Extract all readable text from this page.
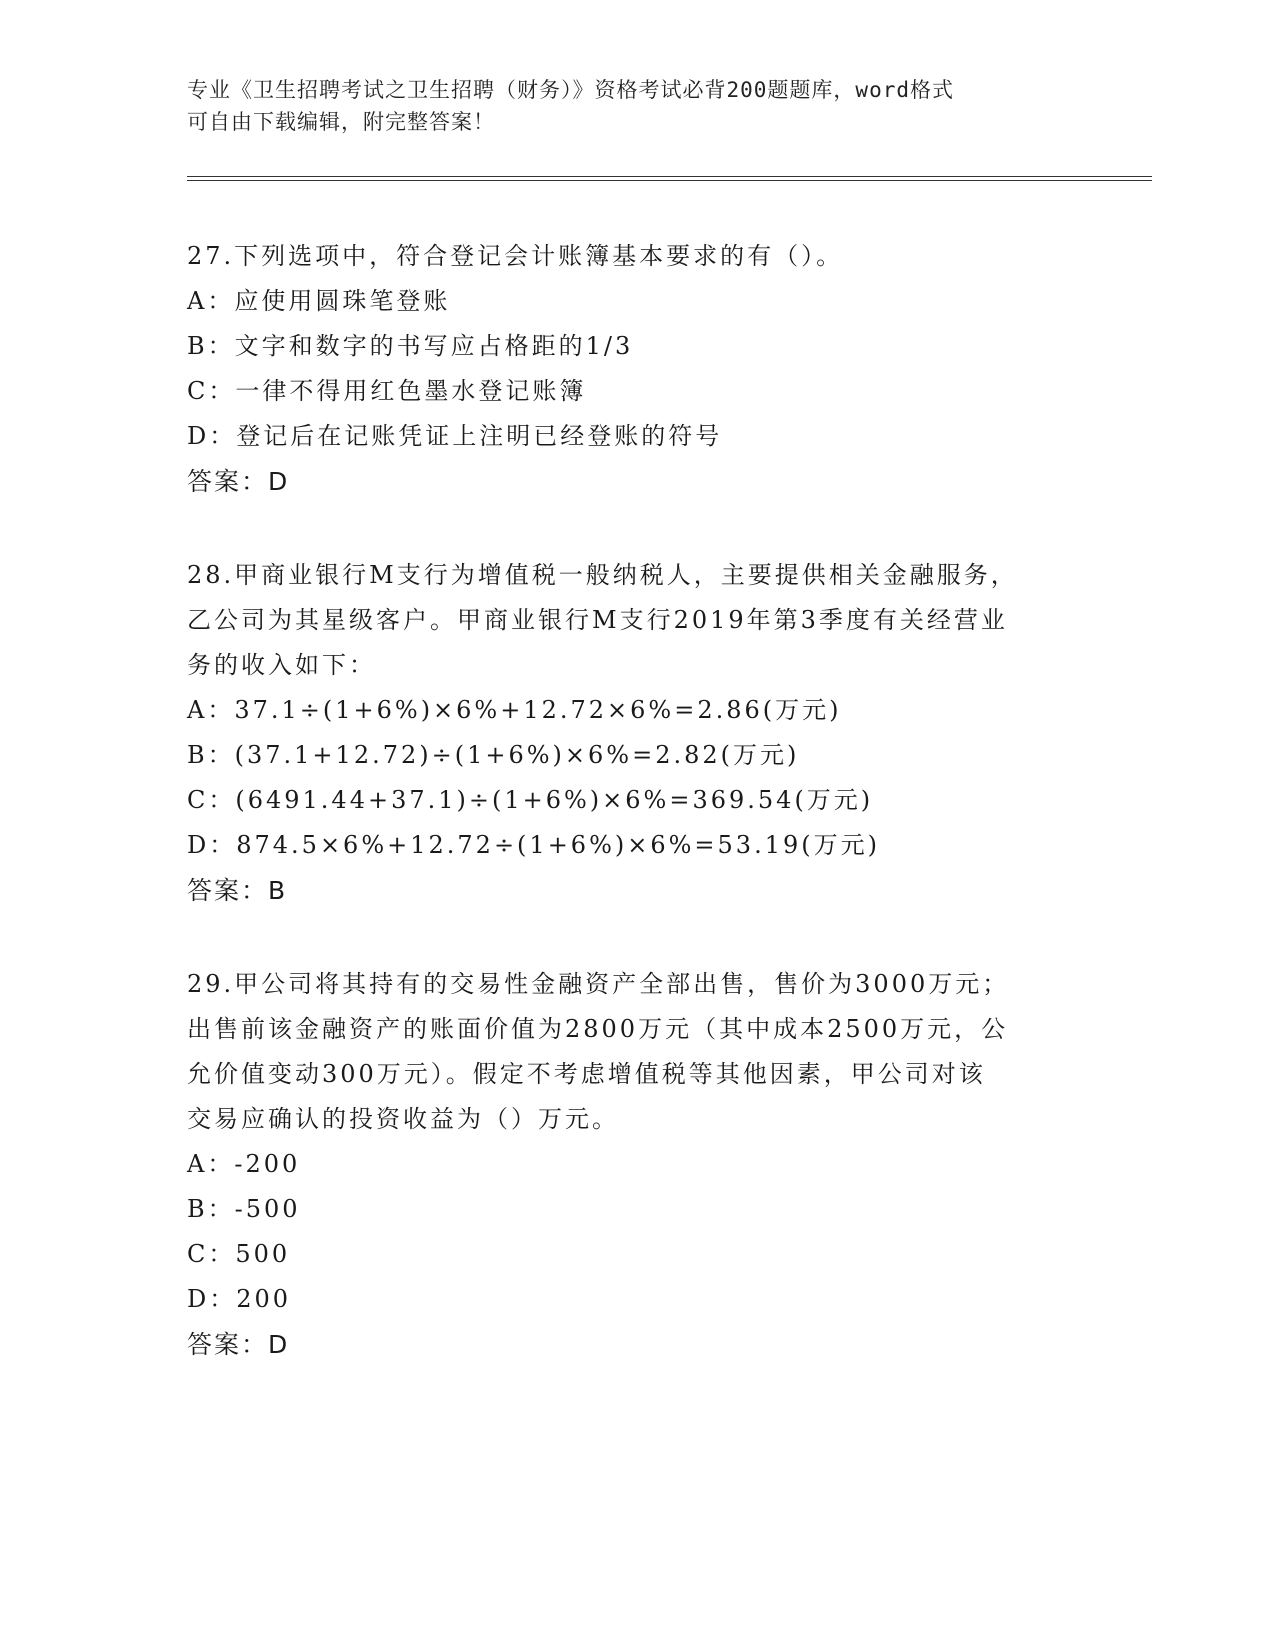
专业《卫生招聘考试之卫生招聘（财务）》资格考试必背200题题库，word格式
可自由下载编辑，附完整答案！
27.下列选项中，符合登记会计账簿基本要求的有（）。
A：应使用圆珠笔登账
B：文字和数字的书写应占格距的1/3
C：一律不得用红色墨水登记账簿
D：登记后在记账凭证上注明已经登账的符号
答案：D
28.甲商业银行M支行为增值税一般纳税人，主要提供相关金融服务，
乙公司为其星级客户。甲商业银行M支行2019年第3季度有关经营业
务的收入如下：
A：37.1÷(1+6%)×6%+12.72×6%=2.86(万元)
B：(37.1+12.72)÷(1+6%)×6%=2.82(万元)
C：(6491.44+37.1)÷(1+6%)×6%=369.54(万元)
D：874.5×6%+12.72÷(1+6%)×6%=53.19(万元)
答案：B
29.甲公司将其持有的交易性金融资产全部出售，售价为3000万元；
出售前该金融资产的账面价值为2800万元（其中成本2500万元，公
允价值变动300万元）。假定不考虑增值税等其他因素，甲公司对该
交易应确认的投资收益为（）万元。
A：-200
B：-500
C：500
D：200
答案：D
